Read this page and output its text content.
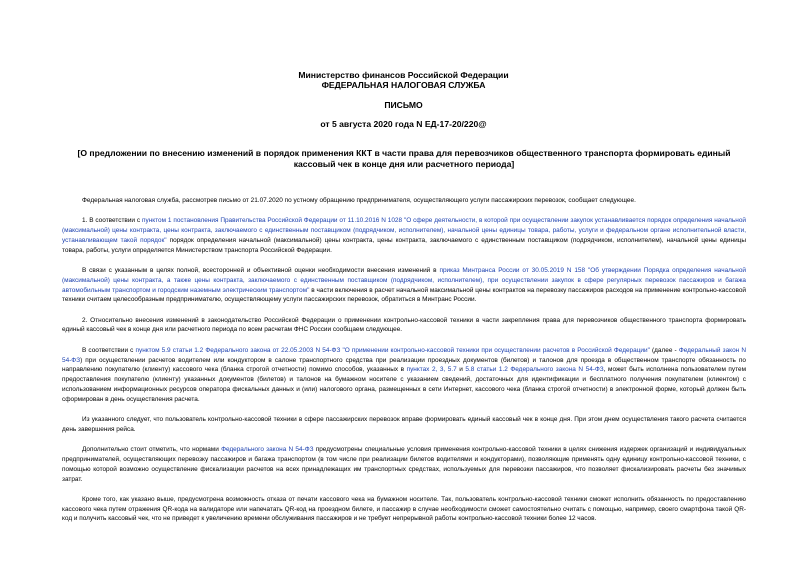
Министерство финансов Российской Федерации

ФЕДЕРАЛЬНАЯ НАЛОГОВАЯ СЛУЖБА

ПИСЬМО

от 5 августа 2020 года N ЕД-17-20/220@

[О предложении по внесению изменений в порядок применения ККТ в части права для перевозчиков общественного транспорта формировать единый кассовый чек в конце дня или расчетного периода]

Федеральная налоговая служба, рассмотрев письмо от 21.07.2020 по устному обращению предпринимателя, осуществляющего услуги пассажирских перевозок, сообщает следующее.

1. В соответствии с пунктом 1 постановления Правительства Российской Федерации от 11.10.2016 N 1028 "О сфере деятельности, в которой при осуществлении закупок устанавливается порядок определения начальной (максимальной) цены контракта, цены контракта, заключаемого с единственным поставщиком (подрядчиком, исполнителем), начальной цены единицы товара, работы, услуги и федеральном органе исполнительной власти, устанавливающем такой порядок" порядок определения начальной (максимальной) цены контракта, цены контракта, заключаемого с единственным поставщиком (подрядчиком, исполнителем), начальной цены единицы товара, работы, услуги определяется Министерством транспорта Российской Федерации.

В связи с указанным в целях полной, всесторонней и объективной оценки необходимости внесения изменений в приказ Минтранса России от 30.05.2019 N 158 "Об утверждении Порядка определения начальной (максимальной) цены контракта, а также цены контракта, заключаемого с единственным поставщиком (подрядчиком, исполнителем), при осуществлении закупок в сфере регулярных перевозок пассажиров и багажа автомобильным транспортом и городским наземным электрическим транспортом" в части включения в расчет начальной максимальной цены контрактов на перевозку пассажиров расходов на применение контрольно-кассовой техники считаем целесообразным предпринимателю, осуществляющему услуги пассажирских перевозок, обратиться в Минтранс России.

2. Относительно внесения изменений в законодательство Российской Федерации о применении контрольно-кассовой техники в части закрепления права для перевозчиков общественного транспорта формировать единый кассовый чек в конце дня или расчетного периода по всем расчетам ФНС России сообщаем следующее.

В соответствии с пунктом 5.9 статьи 1.2 Федерального закона от 22.05.2003 N 54-ФЗ "О применении контрольно-кассовой техники при осуществлении расчетов в Российской Федерации" (далее - Федеральный закон N 54-ФЗ) при осуществлении расчетов водителем или кондуктором в салоне транспортного средства при реализации проездных документов (билетов) и талонов для проезда в общественном транспорте обязанность по направлению покупателю (клиенту) кассового чека (бланка строгой отчетности) помимо способов, указанных в пунктах 2, 3, 5.7 и 5.8 статьи 1.2 Федерального закона N 54-ФЗ, может быть исполнена пользователем путем предоставления покупателю (клиенту) указанных документов (билетов) и талонов на бумажном носителе с указанием сведений, достаточных для идентификации и бесплатного получения покупателем (клиентом) с использованием информационных ресурсов оператора фискальных данных и (или) налогового органа, размещенных в сети Интернет, кассового чека (бланка строгой отчетности) в электронной форме, который должен быть сформирован в день осуществления расчета.

Из указанного следует, что пользователь контрольно-кассовой техники в сфере пассажирских перевозок вправе формировать единый кассовый чек в конце дня. При этом днем осуществления такого расчета считается день завершения рейса.

Дополнительно стоит отметить, что нормами Федерального закона N 54-ФЗ предусмотрены специальные условия применения контрольно-кассовой техники в целях снижения издержек организаций и индивидуальных предпринимателей, осуществляющих перевозку пассажиров и багажа транспортом (в том числе при реализации билетов водителями и кондукторами), позволяющие применять одну единицу контрольно-кассовой техники, с помощью которой возможно осуществление фискализации расчетов на всех принадлежащих им транспортных средствах, используемых для перевозки пассажиров, что позволяет фискализировать расчеты без значимых затрат.

Кроме того, как указано выше, предусмотрена возможность отказа от печати кассового чека на бумажном носителе. Так, пользователь контрольно-кассовой техники сможет исполнить обязанность по предоставлению кассового чека путем отражения QR-кода на валидаторе или напечатать QR-код на проездном билете, и пассажир в случае необходимости сможет самостоятельно считать с помощью, например, своего смартфона такой QR-код и получить кассовый чек, что не приведет к увеличению времени обслуживания пассажиров и не требует непрерывной работы контрольно-кассовой техники более 12 часов.
